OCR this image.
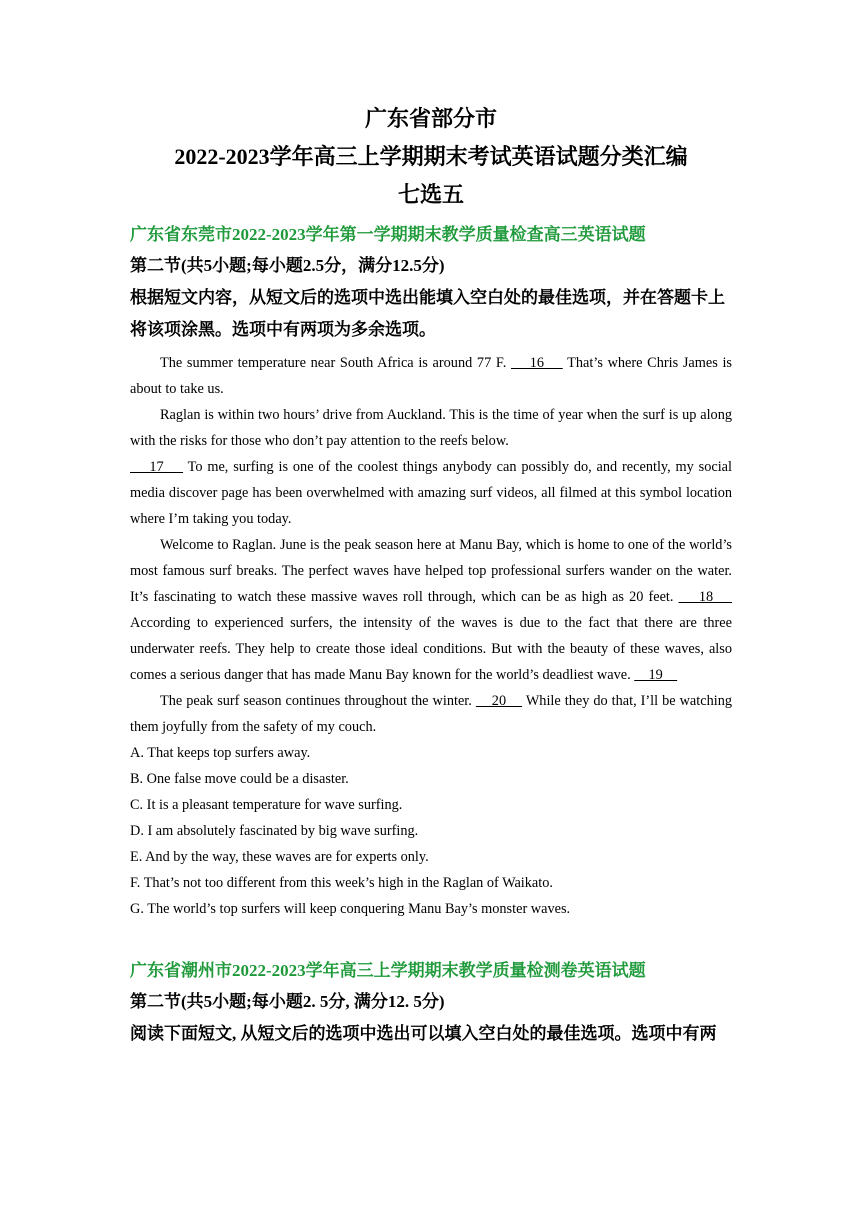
广东省部分市
2022-2023学年高三上学期期末考试英语试题分类汇编
七选五
广东省东莞市2022-2023学年第一学期期末教学质量检查高三英语试题
第二节(共5小题;每小题2.5分，满分12.5分)
根据短文内容，从短文后的选项中选出能填入空白处的最佳选项，并在答题卡上将该项涂黑。选项中有两项为多余选项。

The summer temperature near South Africa is around 77 F.     16     That’s where Chris James is about to take us.

Raglan is within two hours’ drive from Auckland. This is the time of year when the surf is up along with the risks for those who don’t pay attention to the reefs below.

17     To me, surfing is one of the coolest things anybody can possibly do, and recently, my social media discover page has been overwhelmed with amazing surf videos, all filmed at this symbol location where I’m taking you today.

Welcome to Raglan. June is the peak season here at Manu Bay, which is home to one of the world’s most famous surf breaks. The perfect waves have helped top professional surfers wander on the water. It’s fascinating to watch these massive waves roll through, which can be as high as 20 feet.     18     According to experienced surfers, the intensity of the waves is due to the fact that there are three underwater reefs. They help to create those ideal conditions. But with the beauty of these waves, also comes a serious danger that has made Manu Bay known for the world’s deadliest wave.     19

The peak surf season continues throughout the winter.     20     While they do that, I’ll be watching them joyfully from the safety of my couch.

A. That keeps top surfers away.
B. One false move could be a disaster.
C. It is a pleasant temperature for wave surfing.
D. I am absolutely fascinated by big wave surfing.
E. And by the way, these waves are for experts only.
F. That’s not too different from this week’s high in the Raglan of Waikato.
G. The world’s top surfers will keep conquering Manu Bay’s monster waves.
广东省潮州市2022-2023学年高三上学期期末教学质量检测卷英语试题
第二节(共5小题;每小题2. 5分, 满分12. 5分)
阅读下面短文, 从短文后的选项中选出可以填入空白处的最佳选项。选项中有两
